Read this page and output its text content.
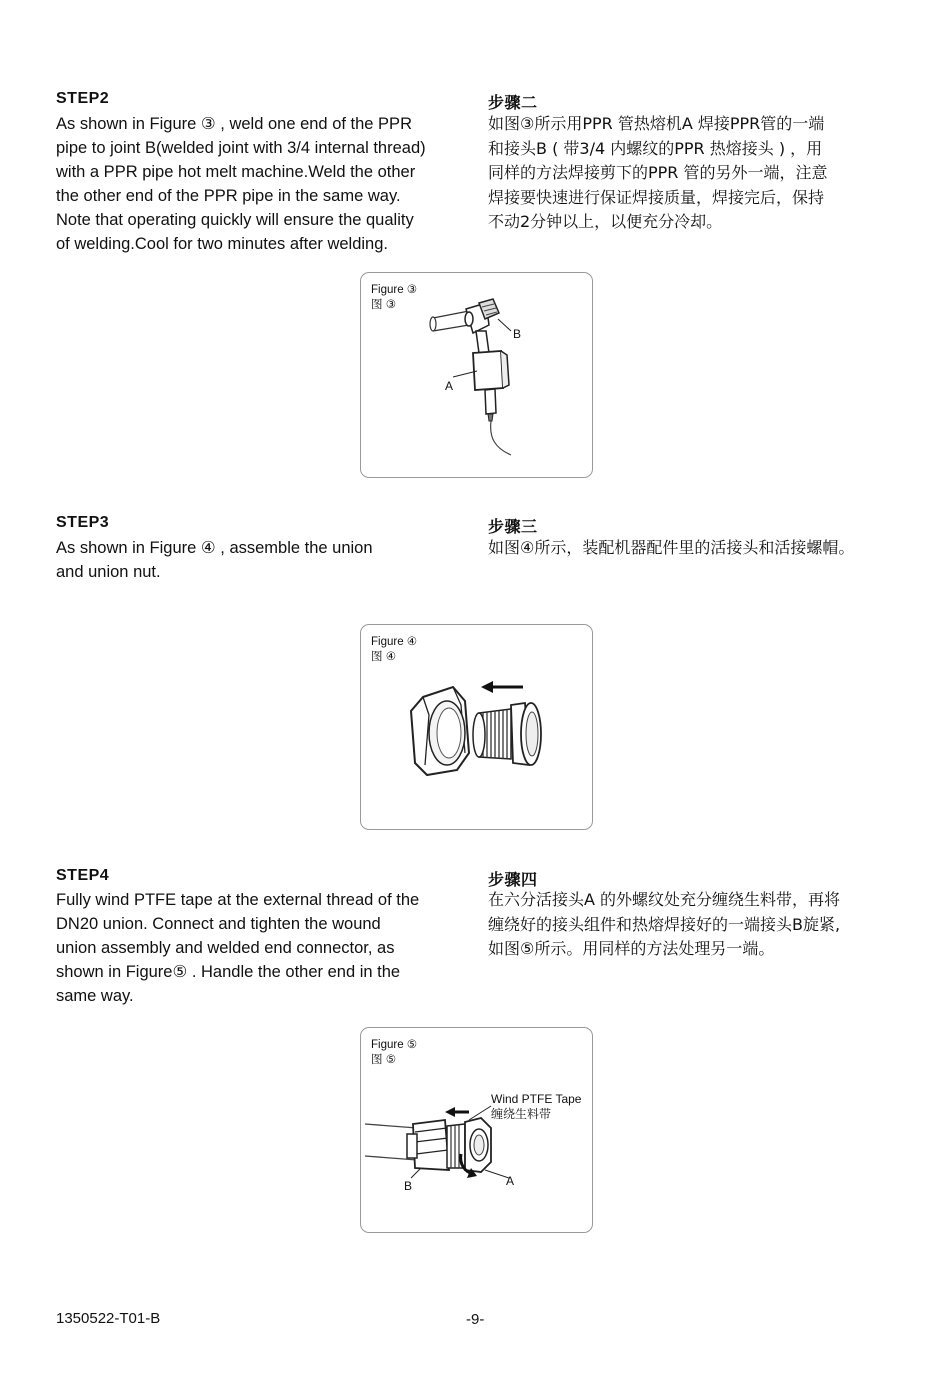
STEP2
As shown in Figure ③ , weld one end of the PPR
pipe to joint B(welded joint with 3/4 internal thread)
with a PPR pipe hot melt machine.Weld the other
the other end of the PPR pipe in the same way.
Note that operating quickly will ensure the quality
of welding.Cool for two minutes after welding.
步骤二
如图③所示用PPR 管热熔机A 焊接PPR管的一端
和接头B ( 带3/4 内螺纹的PPR 热熔接头 ) ，用
同样的方法焊接剪下的PPR 管的另外一端，注意
焊接要快速进行保证焊接质量，焊接完后，保持
不动2分钟以上，以便充分冷却。
Figure ③
图 ③
B
A
STEP3
As shown in Figure ④ , assemble the union
and union nut.
步骤三
如图④所示，装配机器配件里的活接头和活接螺帽。
Figure ④
图 ④
STEP4
Fully wind PTFE tape at the external thread of the
DN20 union. Connect and tighten the wound
union assembly and welded end connector, as
shown in Figure⑤ . Handle the other end in the
same way.
步骤四
在六分活接头A 的外螺纹处充分缠绕生料带，再将
缠绕好的接头组件和热熔焊接好的一端接头B旋紧,
如图⑤所示。用同样的方法处理另一端。
Figure ⑤
图 ⑤
Wind PTFE Tape
缠绕生料带
B	A
1350522-T01-B	-9-
